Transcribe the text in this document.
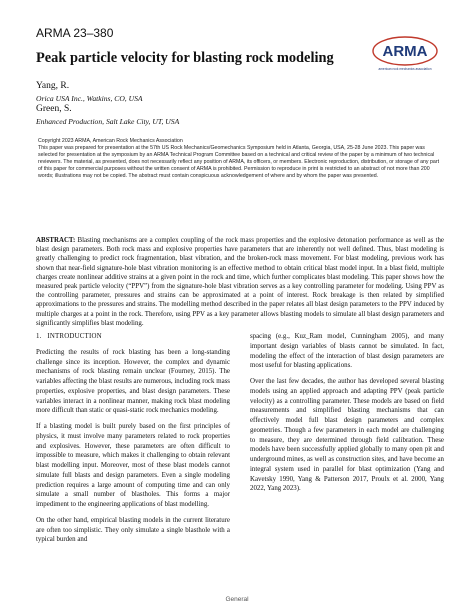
ARMA 23–380
ARMA
american rock mechanics association
Peak particle velocity for blasting rock modeling
Yang, R.
Orica USA Inc., Watkins, CO, USA
Green, S.
Enhanced Production, Salt Lake City, UT, USA

Copyright 2023 ARMA, American Rock Mechanics Association

This paper was prepared for presentation at the 57th US Rock Mechanics/Geomechanics Symposium held in Atlanta, Georgia, USA, 25-28 June 2023. This paper was selected for presentation at the symposium by an ARMA Technical Program Committee based on a technical and critical review of the paper by a minimum of two technical reviewers. The material, as presented, does not necessarily reflect any position of ARMA, its officers, or members. Electronic reproduction, distribution, or storage of any part of this paper for commercial purposes without the written consent of ARMA is prohibited. Permission to reproduce in print is restricted to an abstract of not more than 200 words; illustrations may not be copied. The abstract must contain conspicuous acknowledgement of where and by whom the paper was presented.

ABSTRACT: Blasting mechanisms are a complex coupling of the rock mass properties and the explosive detonation performance as well as the blast design parameters. Both rock mass and explosive properties have parameters that are inherently not well defined. Thus, blast modeling is greatly challenging to predict rock fragmentation, blast vibration, and the broken-rock mass movement. For blast modeling, previous work has shown that near-field signature-hole blast vibration monitoring is an effective method to obtain critical blast model input. In a blast field, multiple charges create nonlinear additive strains at a given point in the rock and time, which further complicates blast modeling. This paper shows how the measured peak particle velocity (“PPV”) from the signature-hole blast vibration serves as a key controlling parameter for modeling. Using PPV as the controlling parameter, pressures and strains can be approximated at a point of interest. Rock breakage is then related by simplified approximations to the pressures and strains. The modelling method described in the paper relates all blast design parameters to the PPV induced by multiple charges at a point in the rock. Therefore, using PPV as a key parameter allows blasting models to simulate all blast design parameters and significantly simplifies blast modeling.

1.   INTRODUCTION

Predicting the results of rock blasting has been a long-standing challenge since its inception. However, the complex and dynamic mechanisms of rock blasting remain unclear (Fourney, 2015). The variables affecting the blast results are numerous, including rock mass properties, explosive properties, and blast design parameters. These variables interact in a nonlinear manner, making rock blast modeling more difficult than static or quasi-static rock mechanics modeling.

If a blasting model is built purely based on the first principles of physics, it must involve many parameters related to rock properties and explosives. However, these parameters are often difficult to impossible to measure, which makes it challenging to obtain relevant blast modelling input. Moreover, most of these blast models cannot simulate full blasts and design parameters. Even a single modeling prediction requires a large amount of computing time and can only simulate a small number of blastholes. This forms a major impediment to the engineering applications of blast modelling.

On the other hand, empirical blasting models in the current literature are often too simplistic. They only simulate a single blasthole with a typical burden and

spacing (e.g., Kuz_Ram model, Cunningham 2005), and many important design variables of blasts cannot be simulated. In fact, modeling the effect of the interaction of blast design parameters are most useful for blasting applications.

Over the last few decades, the author has developed several blasting models using an applied approach and adapting PPV (peak particle velocity) as a controlling parameter. These models are based on field measurements and simplified blasting mechanisms that can effectively model full blast design parameters and complex geometries. Though a few parameters in each model are challenging to measure, they are determined through field calibration. These models have been successfully applied globally to many open pit and underground mines, as well as construction sites, and have become an integral system used in parallel for blast optimization (Yang and Kavetsky 1990, Yang & Patterson 2017, Proulx et al. 2000, Yang 2022, Yang 2023).

General
